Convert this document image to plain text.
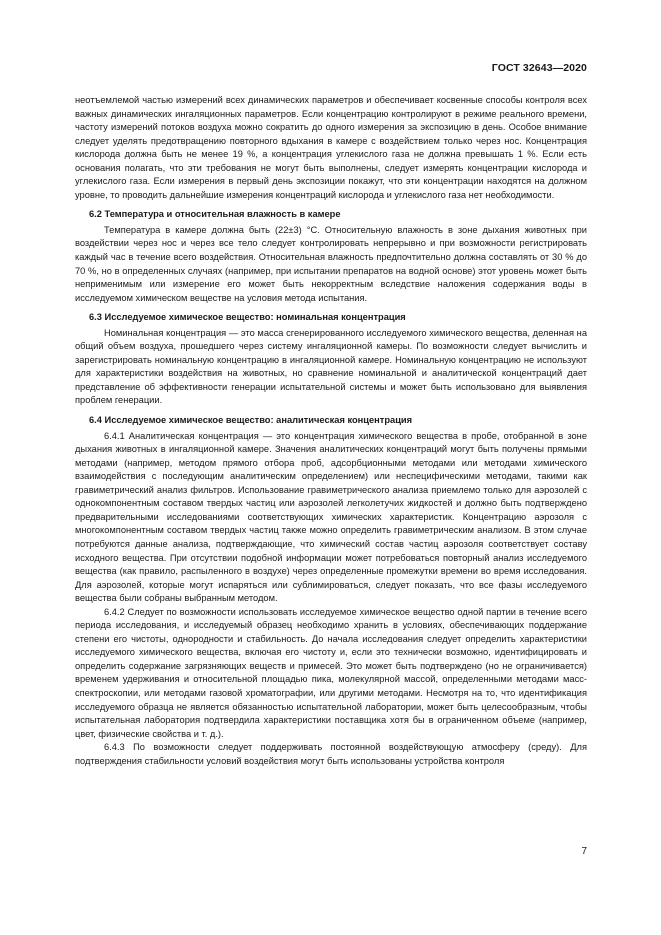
ГОСТ 32643—2020

неотъемлемой частью измерений всех динамических параметров и обеспечивает косвенные способы контроля всех важных динамических ингаляционных параметров. Если концентрацию контролируют в режиме реального времени, частоту измерений потоков воздуха можно сократить до одного измерения за экспозицию в день. Особое внимание следует уделять предотвращению повторного вдыхания в камере с воздействием только через нос. Концентрация кислорода должна быть не менее 19 %, а концентрация углекислого газа не должна превышать 1 %. Если есть основания полагать, что эти требования не могут быть выполнены, следует измерять концентрации кислорода и углекислого газа. Если измерения в первый день экспозиции покажут, что эти концентрации находятся на должном уровне, то проводить дальнейшие измерения концентраций кислорода и углекислого газа нет необходимости.

6.2 Температура и относительная влажность в камере

Температура в камере должна быть (22±3) °С. Относительную влажность в зоне дыхания животных при воздействии через нос и через все тело следует контролировать непрерывно и при возможности регистрировать каждый час в течение всего воздействия. Относительная влажность предпочтительно должна составлять от 30 % до 70 %, но в определенных случаях (например, при испытании препаратов на водной основе) этот уровень может быть неприменимым или измерение его может быть некорректным вследствие наложения содержания воды в исследуемом химическом веществе на условия метода испытания.

6.3 Исследуемое химическое вещество: номинальная концентрация

Номинальная концентрация — это масса сгенерированного исследуемого химического вещества, деленная на общий объем воздуха, прошедшего через систему ингаляционной камеры. По возможности следует вычислить и зарегистрировать номинальную концентрацию в ингаляционной камере. Номинальную концентрацию не используют для характеристики воздействия на животных, но сравнение номинальной и аналитической концентраций дает представление об эффективности генерации испытательной системы и может быть использовано для выявления проблем генерации.

6.4 Исследуемое химическое вещество: аналитическая концентрация

6.4.1 Аналитическая концентрация — это концентрация химического вещества в пробе, отобранной в зоне дыхания животных в ингаляционной камере. Значения аналитических концентраций могут быть получены прямыми методами (например, методом прямого отбора проб, адсорбционными методами или методами химического взаимодействия с последующим аналитическим определением) или неспецифическими методами, такими как гравиметрический анализ фильтров. Использование гравиметрического анализа приемлемо только для аэрозолей с однокомпонентным составом твердых частиц или аэрозолей легколетучих жидкостей и должно быть подтверждено предварительными исследованиями соответствующих химических характеристик. Концентрацию аэрозоля с многокомпонентным составом твердых частиц также можно определить гравиметрическим анализом. В этом случае потребуются данные анализа, подтверждающие, что химический состав частиц аэрозоля соответствует составу исходного вещества. При отсутствии подобной информации может потребоваться повторный анализ исследуемого вещества (как правило, распыленного в воздухе) через определенные промежутки времени во время исследования. Для аэрозолей, которые могут испаряться или сублимироваться, следует показать, что все фазы исследуемого вещества были собраны выбранным методом.

6.4.2 Следует по возможности использовать исследуемое химическое вещество одной партии в течение всего периода исследования, и исследуемый образец необходимо хранить в условиях, обеспечивающих поддержание степени его чистоты, однородности и стабильность. До начала исследования следует определить характеристики исследуемого химического вещества, включая его чистоту и, если это технически возможно, идентифицировать и определить содержание загрязняющих веществ и примесей. Это может быть подтверждено (но не ограничивается) временем удерживания и относительной площадью пика, молекулярной массой, определенными методами масс-спектроскопии, или методами газовой хроматографии, или другими методами. Несмотря на то, что идентификация исследуемого образца не является обязанностью испытательной лаборатории, может быть целесообразным, чтобы испытательная лаборатория подтвердила характеристики поставщика хотя бы в ограниченном объеме (например, цвет, физические свойства и т. д.).

6.4.3 По возможности следует поддерживать постоянной воздействующую атмосферу (среду). Для подтверждения стабильности условий воздействия могут быть использованы устройства контроля

7
